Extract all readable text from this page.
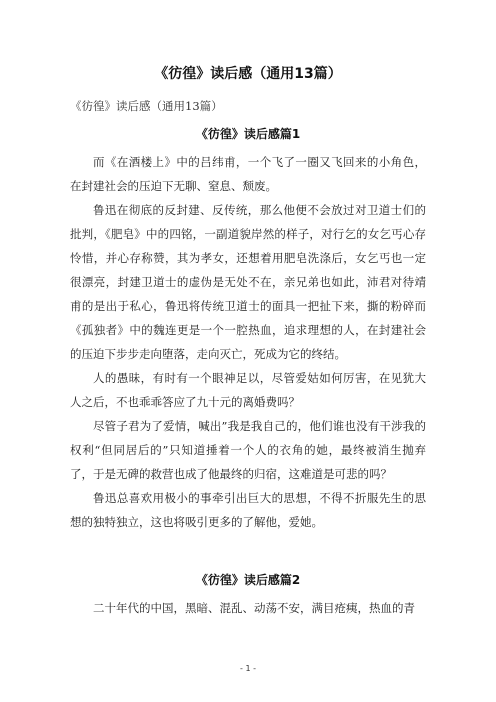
《彷徨》读后感（通用13篇）
《彷徨》读后感（通用13篇）
《彷徨》读后感篇1

而《在酒楼上》中的吕纬甫，一个飞了一圈又飞回来的小角色，在封建社会的压迫下无聊、窒息、颓废。

鲁迅在彻底的反封建、反传统，那么他便不会放过对卫道士们的批判，《肥皂》中的四铭，一副道貌岸然的样子，对行乞的女乞丐心存怜惜，并心存称赞，其为孝女，还想着用肥皂洗涤后，女乞丐也一定很漂亮，封建卫道士的虚伪是无处不在，亲兄弟也如此，沛君对待靖甫的是出于私心，鲁迅将传统卫道士的面具一把扯下来，撕的粉碎而《孤独者》中的魏连更是一个一腔热血，追求理想的人，在封建社会的压迫下步步走向堕落，走向灭亡，死成为它的终结。

人的愚昧，有时有一个眼神足以，尽管爱姑如何厉害，在见犹大人之后，不也乖乖答应了九十元的离婚费吗？

尽管子君为了爱情，喊出”我是我自己的，他们谁也没有干涉我的权利“但同居后的”只知道捶着一个人的衣角的她，最终被消生抛弃了，于是无碑的救营也成了他最终的归宿，这难道是可悲的吗？

鲁迅总喜欢用极小的事牵引出巨大的思想，不得不折服先生的思想的独特独立，这也将吸引更多的了解他，爱她。

《彷徨》读后感篇2

二十年代的中国，黑暗、混乱、动荡不安，满目疮痍，热血的青

- 1 -
